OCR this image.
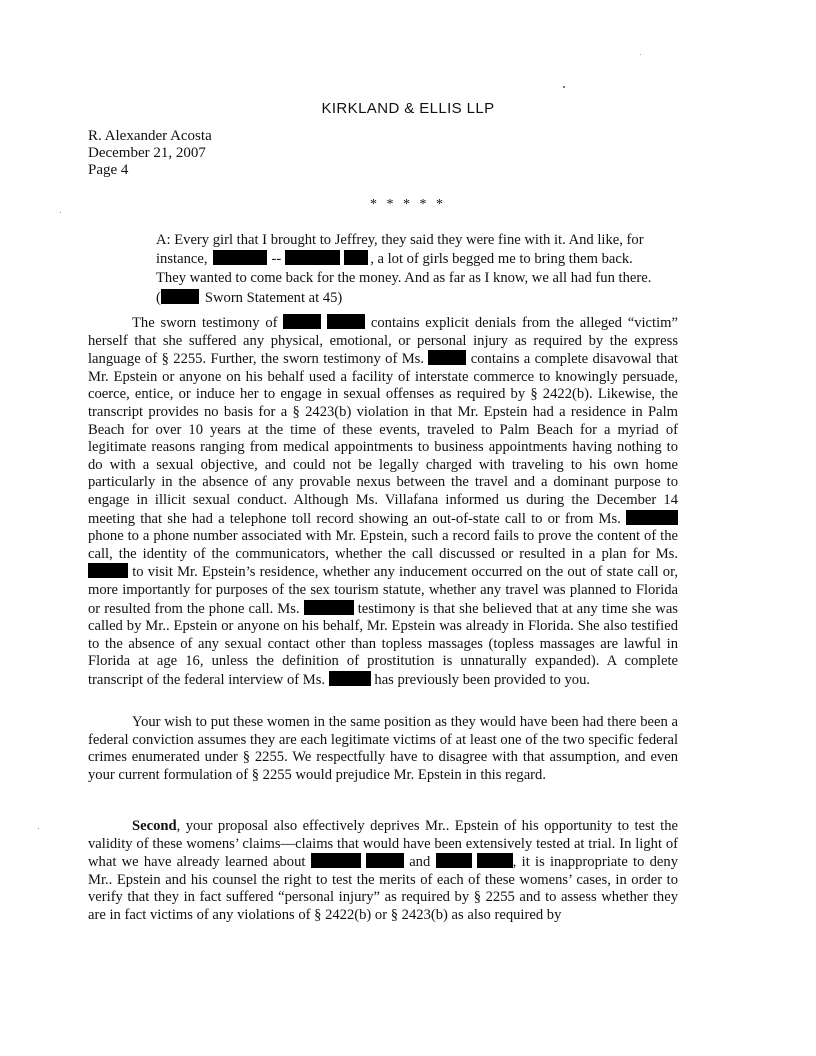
KIRKLAND & ELLIS LLP
R. Alexander Acosta
December 21, 2007
Page 4
* * * * *
A: Every girl that I brought to Jeffrey, they said they were fine with it. And like, for
instance,	--	, a lot of girls begged me to bring them back.
They wanted to come back for the money. And as far as I know, we all had fun there.
(	Sworn Statement at 45)

The sworn testimony of	contains explicit denials from the alleged “victim” herself that she suffered any physical, emotional, or personal injury as required by the express language of § 2255. Further, the sworn testimony of Ms.	contains a complete disavowal that Mr. Epstein or anyone on his behalf used a facility of interstate commerce to knowingly persuade, coerce, entice, or induce her to engage in sexual offenses as required by § 2422(b). Likewise, the transcript provides no basis for a § 2423(b) violation in that Mr. Epstein had a residence in Palm Beach for over 10 years at the time of these events, traveled to Palm Beach for a myriad of legitimate reasons ranging from medical appointments to business appointments having nothing to do with a sexual objective, and could not be legally charged with traveling to his own home particularly in the absence of any provable nexus between the travel and a dominant purpose to engage in illicit sexual conduct. Although Ms. Villafana informed us during the December 14 meeting that she had a telephone toll record showing an out-of-state call to or from Ms.  phone to a phone number associated with Mr. Epstein, such a record fails to prove the content of the call, the identity of the communicators, whether the call discussed or resulted in a plan for Ms.  to visit Mr. Epstein’s residence, whether any inducement occurred on the out of state call or, more importantly for purposes of the sex tourism statute, whether any travel was planned to Florida or resulted from the phone call. Ms.	testimony is that she believed that at any time she was called by Mr.. Epstein or anyone on his behalf, Mr. Epstein was already in Florida. She also testified to the absence of any sexual contact other than topless massages (topless massages are lawful in Florida at age 16, unless the definition of prostitution is unnaturally expanded). A complete transcript of the federal interview of Ms.	has previously been provided to you.

Your wish to put these women in the same position as they would have been had there been a federal conviction assumes they are each legitimate victims of at least one of the two specific federal crimes enumerated under § 2255. We respectfully have to disagree with that assumption, and even your current formulation of § 2255 would prejudice Mr. Epstein in this regard.

Second, your proposal also effectively deprives Mr.. Epstein of his opportunity to test the validity of these womens’ claims—claims that would have been extensively tested at trial. In light of what we have already learned about	and	, it is inappropriate to deny Mr.. Epstein and his counsel the right to test the merits of each of these womens’ cases, in order to verify that they in fact suffered “personal injury” as required by § 2255 and to assess whether they are in fact victims of any violations of § 2422(b) or § 2423(b) as also required by
